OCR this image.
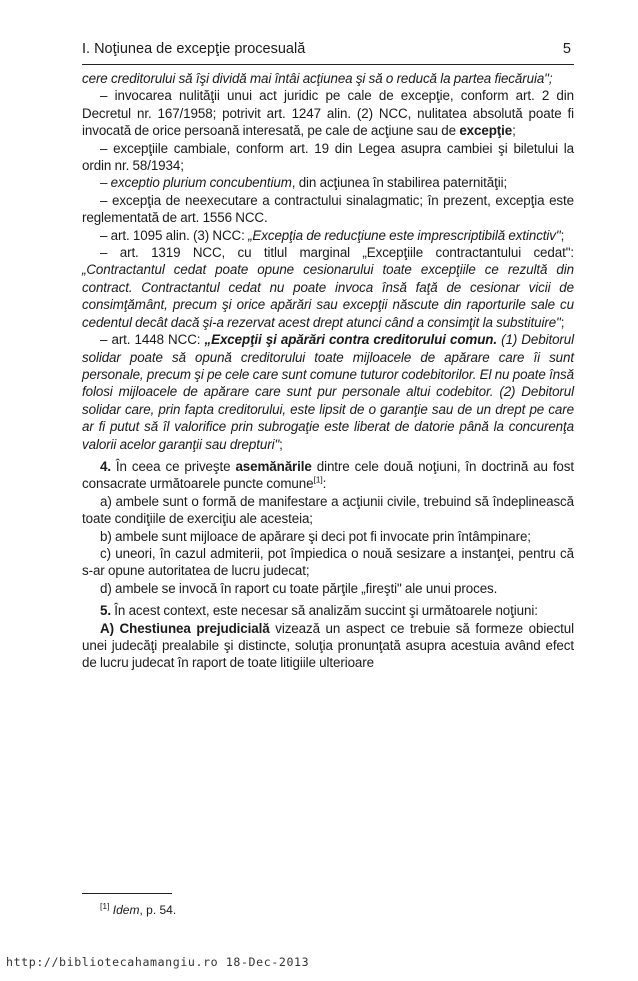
I. Noţiunea de excepţie procesuală	5

cere creditorului să îşi dividă mai întâi acţiunea şi să o reducă la partea fiecăruia";

– invocarea nulităţii unui act juridic pe cale de excepţie, conform art. 2 din Decretul nr. 167/1958; potrivit art. 1247 alin. (2) NCC, nulitatea absolută poate fi invocată de orice persoană interesată, pe cale de acţiune sau de excepţie;

– excepţiile cambiale, conform art. 19 din Legea asupra cambiei şi biletului la ordin nr. 58/1934;

– exceptio plurium concubentium, din acţiunea în stabilirea paternităţii;

– excepţia de neexecutare a contractului sinalagmatic; în prezent, excepţia este reglementată de art. 1556 NCC.

– art. 1095 alin. (3) NCC: „Excepţia de reducţiune este imprescriptibilă extinctiv";

– art. 1319 NCC, cu titlul marginal „Excepţiile contractantului cedat": „Contractantul cedat poate opune cesionarului toate excepţiile ce rezultă din contract. Contractantul cedat nu poate invoca însă faţă de cesionar vicii de consimţământ, precum şi orice apărări sau excepţii născute din raporturile sale cu cedentul decât dacă şi-a rezervat acest drept atunci când a consimţit la substituire";

– art. 1448 NCC: „Excepţii şi apărări contra creditorului comun. (1) Debitorul solidar poate să opună creditorului toate mijloacele de apărare care îi sunt personale, precum şi pe cele care sunt comune tuturor codebitorilor. El nu poate însă folosi mijloacele de apărare care sunt pur personale altui codebitor. (2) Debitorul solidar care, prin fapta creditorului, este lipsit de o garanţie sau de un drept pe care ar fi putut să îl valorifice prin subrogaţie este liberat de datorie până la concurenţa valorii acelor garanţii sau drepturi";

4. În ceea ce priveşte asemănările dintre cele două noţiuni, în doctrină au fost consacrate următoarele puncte comune[1]:

a) ambele sunt o formă de manifestare a acţiunii civile, trebuind să îndeplinească toate condiţiile de exerciţiu ale acesteia;

b) ambele sunt mijloace de apărare şi deci pot fi invocate prin întâmpinare;

c) uneori, în cazul admiterii, pot împiedica o nouă sesizare a instanţei, pentru că s-ar opune autoritatea de lucru judecat;

d) ambele se invocă în raport cu toate părţile „fireşti" ale unui proces.

5. În acest context, este necesar să analizăm succint şi următoarele noţiuni:

A) Chestiunea prejudicială vizează un aspect ce trebuie să formeze obiectul unei judecăţi prealabile şi distincte, soluţia pronunţată asupra acestuia având efect de lucru judecat în raport de toate litigiile ulterioare

[1] Idem, p. 54.
http://bibliotecahamangiu.ro 18-Dec-2013
